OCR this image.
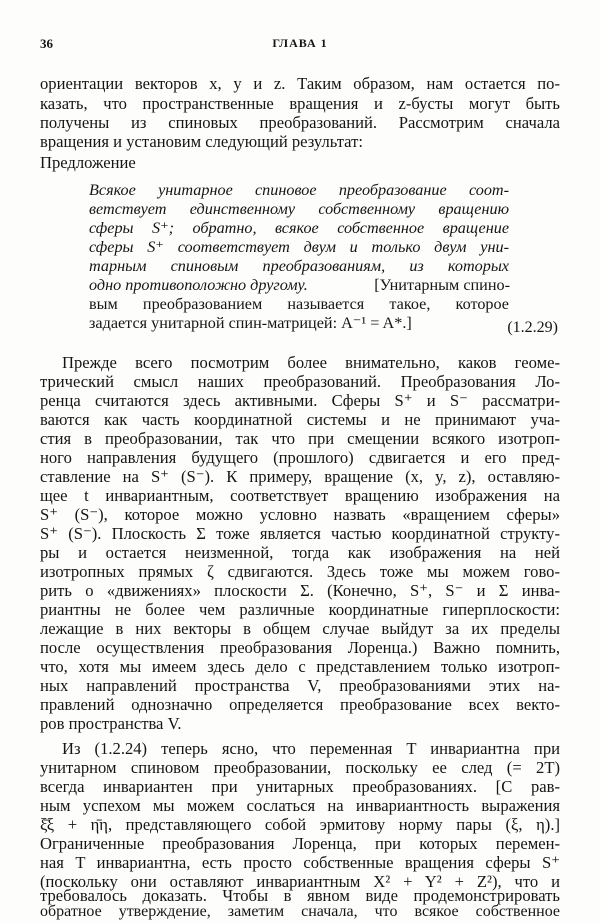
36	ГЛАВА 1
ориентации векторов x, y и z. Таким образом, нам остается по-
казать, что пространственные вращения и z-бусты могут быть
получены из спиновых преобразований. Рассмотрим сначала
вращения и установим следующий результат:
Предложение
Всякое унитарное спиновое преобразование соот-
ветствует единственному собственному вращению
сферы S⁺; обратно, всякое собственное вращение
сферы S⁺ соответствует двум и только двум уни-
тарным спиновым преобразованиям, из которых
одно противоположно другому.	[Унитарным спино-
вым преобразованием называется такое, которое
задается унитарной спин-матрицей: A⁻¹ = A*.]	(1.2.29)
Прежде всего посмотрим более внимательно, каков геоме-
трический смысл наших преобразований. Преобразования Ло-
ренца считаются здесь активными. Сферы S⁺ и S⁻ рассматри-
ваются как часть координатной системы и не принимают уча-
стия в преобразовании, так что при смещении всякого изотроп-
ного направления будущего (прошлого) сдвигается и его пред-
ставление на S⁺ (S⁻). К примеру, вращение (x, y, z), оставляю-
щее t инвариантным, соответствует вращению изображения на
S⁺ (S⁻), которое можно условно назвать «вращением сферы»
S⁺ (S⁻). Плоскость Σ тоже является частью координатной структу-
ры и остается неизменной, тогда как изображения на ней
изотропных прямых ζ сдвигаются. Здесь тоже мы можем гово-
рить о «движениях» плоскости Σ. (Конечно, S⁺, S⁻ и Σ инва-
риантны не более чем различные координатные гиперплоскости:
лежащие в них векторы в общем случае выйдут за их пределы
после осуществления преобразования Лоренца.) Важно помнить,
что, хотя мы имеем здесь дело с представлением только изотроп-
ных направлений пространства V, преобразованиями этих на-
правлений однозначно определяется преобразование всех векто-
ров пространства V.
Из (1.2.24) теперь ясно, что переменная T инвариантна при
унитарном спиновом преобразовании, поскольку ее след (= 2T)
всегда инвариантен при унитарных преобразованиях. [С рав-
ным успехом мы можем сослаться на инвариантность выражения
ξ̄ξ + η̄η, представляющего собой эрмитову норму пары (ξ, η).]
Ограниченные преобразования Лоренца, при которых перемен-
ная T инвариантна, есть просто собственные вращения сферы S⁺
(поскольку они оставляют инвариантным X² + Y² + Z²), что и
требовалось доказать. Чтобы в явном виде продемонстрировать
обратное утверждение, заметим сначала, что всякое собственное
